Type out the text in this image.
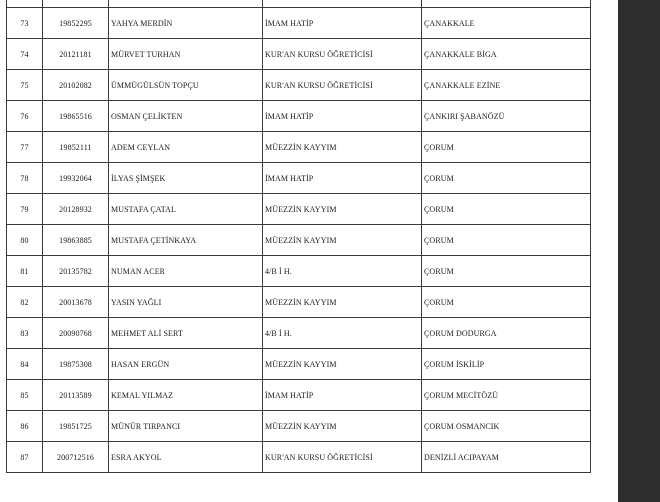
73	19852295	YAHYA MERDİN	İMAM HATİP	ÇANAKKALE
74	20121181	MÜRVET TURHAN	KUR'AN KURSU ÖĞRETİCİSİ	ÇANAKKALE BİGA
75	20102082	ÜMMÜGÜLSÜN TOPÇU	KUR'AN KURSU ÖĞRETİCİSİ	ÇANAKKALE EZİNE
76	19865516	OSMAN ÇELİKTEN	İMAM HATİP	ÇANKIRI ŞABANÖZÜ
77	19852111	ADEM CEYLAN	MÜEZZİN KAYYIM	ÇORUM
78	19932064	İLYAS ŞİMŞEK	İMAM HATİP	ÇORUM
79	20128932	MUSTAFA ÇATAL	MÜEZZİN KAYYIM	ÇORUM
80	19863885	MUSTAFA ÇETİNKAYA	MÜEZZİN KAYYIM	ÇORUM
81	20135782	NUMAN ACER	4/B İ H.	ÇORUM
82	20013678	YASIN YAĞLI	MÜEZZİN KAYYIM	ÇORUM
83	20090768	MEHMET ALİ SERT	4/B İ H.	ÇORUM DODURGA
84	19875308	HASAN ERGÜN	MÜEZZİN KAYYIM	ÇORUM İSKİLİP
85	20113589	KEMAL YILMAZ	İMAM HATİP	ÇORUM MECİTÖZÜ
86	19851725	MÜNÜR TIRPANCI	MÜEZZİN KAYYIM	ÇORUM OSMANCIK
87	200712516	ESRA AKYOL	KUR'AN KURSU ÖĞRETİCİSİ	DENİZLİ ACIPAYAM
